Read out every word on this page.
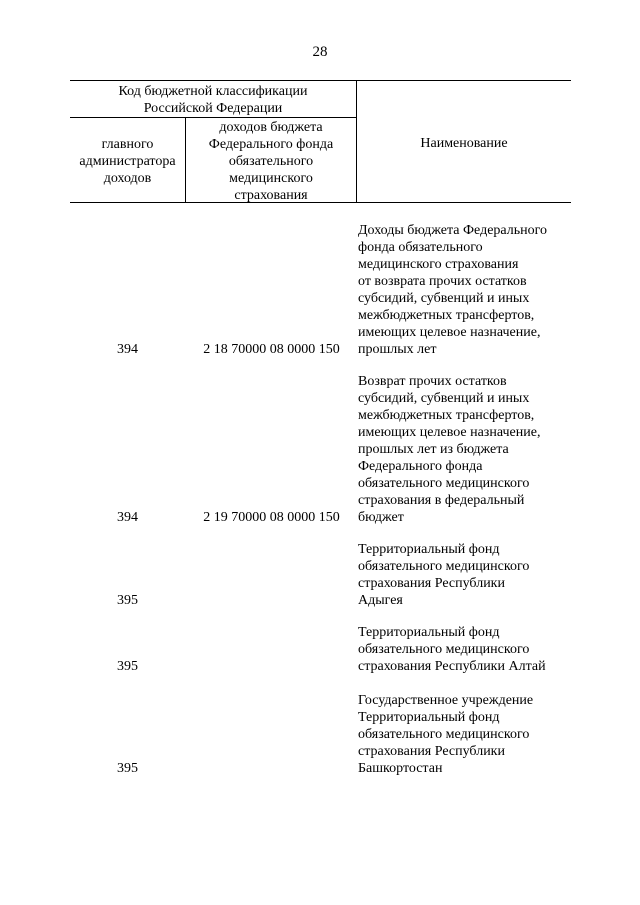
28
Код бюджетной классификации
Российской Федерации
главного
администратора
доходов
доходов бюджета
Федерального фонда
обязательного
медицинского
страхования
Наименование
Доходы бюджета Федерального
фонда обязательного
медицинского страхования
от возврата прочих остатков
субсидий, субвенций и иных
межбюджетных трансфертов,
имеющих целевое назначение,
прошлых лет
394	2 18 70000 08 0000 150
Возврат прочих остатков
субсидий, субвенций и иных
межбюджетных трансфертов,
имеющих целевое назначение,
прошлых лет из бюджета
Федерального фонда
обязательного медицинского
страхования в федеральный
бюджет
394	2 19 70000 08 0000 150
Территориальный фонд
обязательного медицинского
страхования Республики
Адыгея
395
Территориальный фонд
обязательного медицинского
страхования Республики Алтай
395
Государственное учреждение
Территориальный фонд
обязательного медицинского
страхования Республики
Башкортостан
395
